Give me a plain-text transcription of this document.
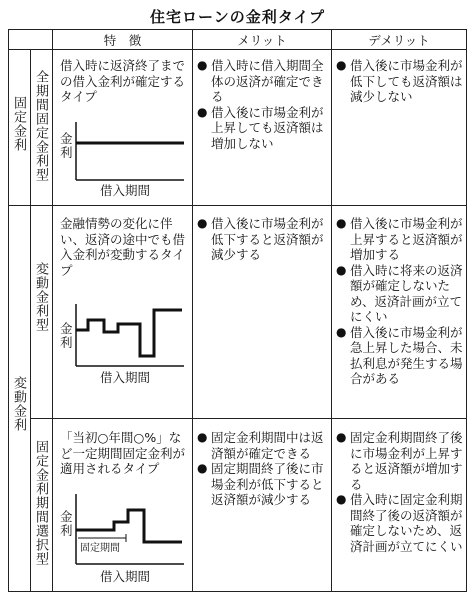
住宅ローンの金利タイプ
特　徴	メリット	デメリット
固定金利
変動金利
全期間固定金利型
変動金利型
固定金利期間選択型
借入時に返済終了までの借入金利が確定するタイプ
金利
借入期間
● 借入時に借入期間全体の返済が確定できる
● 借入後に市場金利が上昇しても返済額は増加しない
● 借入後に市場金利が低下しても返済額は減少しない
金融情勢の変化に伴い、返済の途中でも借入金利が変動するタイプ
金利
借入期間
● 借入後に市場金利が低下すると返済額が減少する
● 借入後に市場金利が上昇すると返済額が増加する
● 借入時に将来の返済額が確定しないため、返済計画が立てにくい
● 借入後に市場金利が急上昇した場合、未払利息が発生する場合がある
「当初○年間○%」など一定期間固定金利が適用されるタイプ
金利
固定期間
借入期間
● 固定金利期間中は返済額が確定できる
● 固定期間終了後に市場金利が低下すると返済額が減少する
● 固定金利期間終了後に市場金利が上昇すると返済額が増加する
● 借入時に固定金利期間終了後の返済額が確定しないため、返済計画が立てにくい
